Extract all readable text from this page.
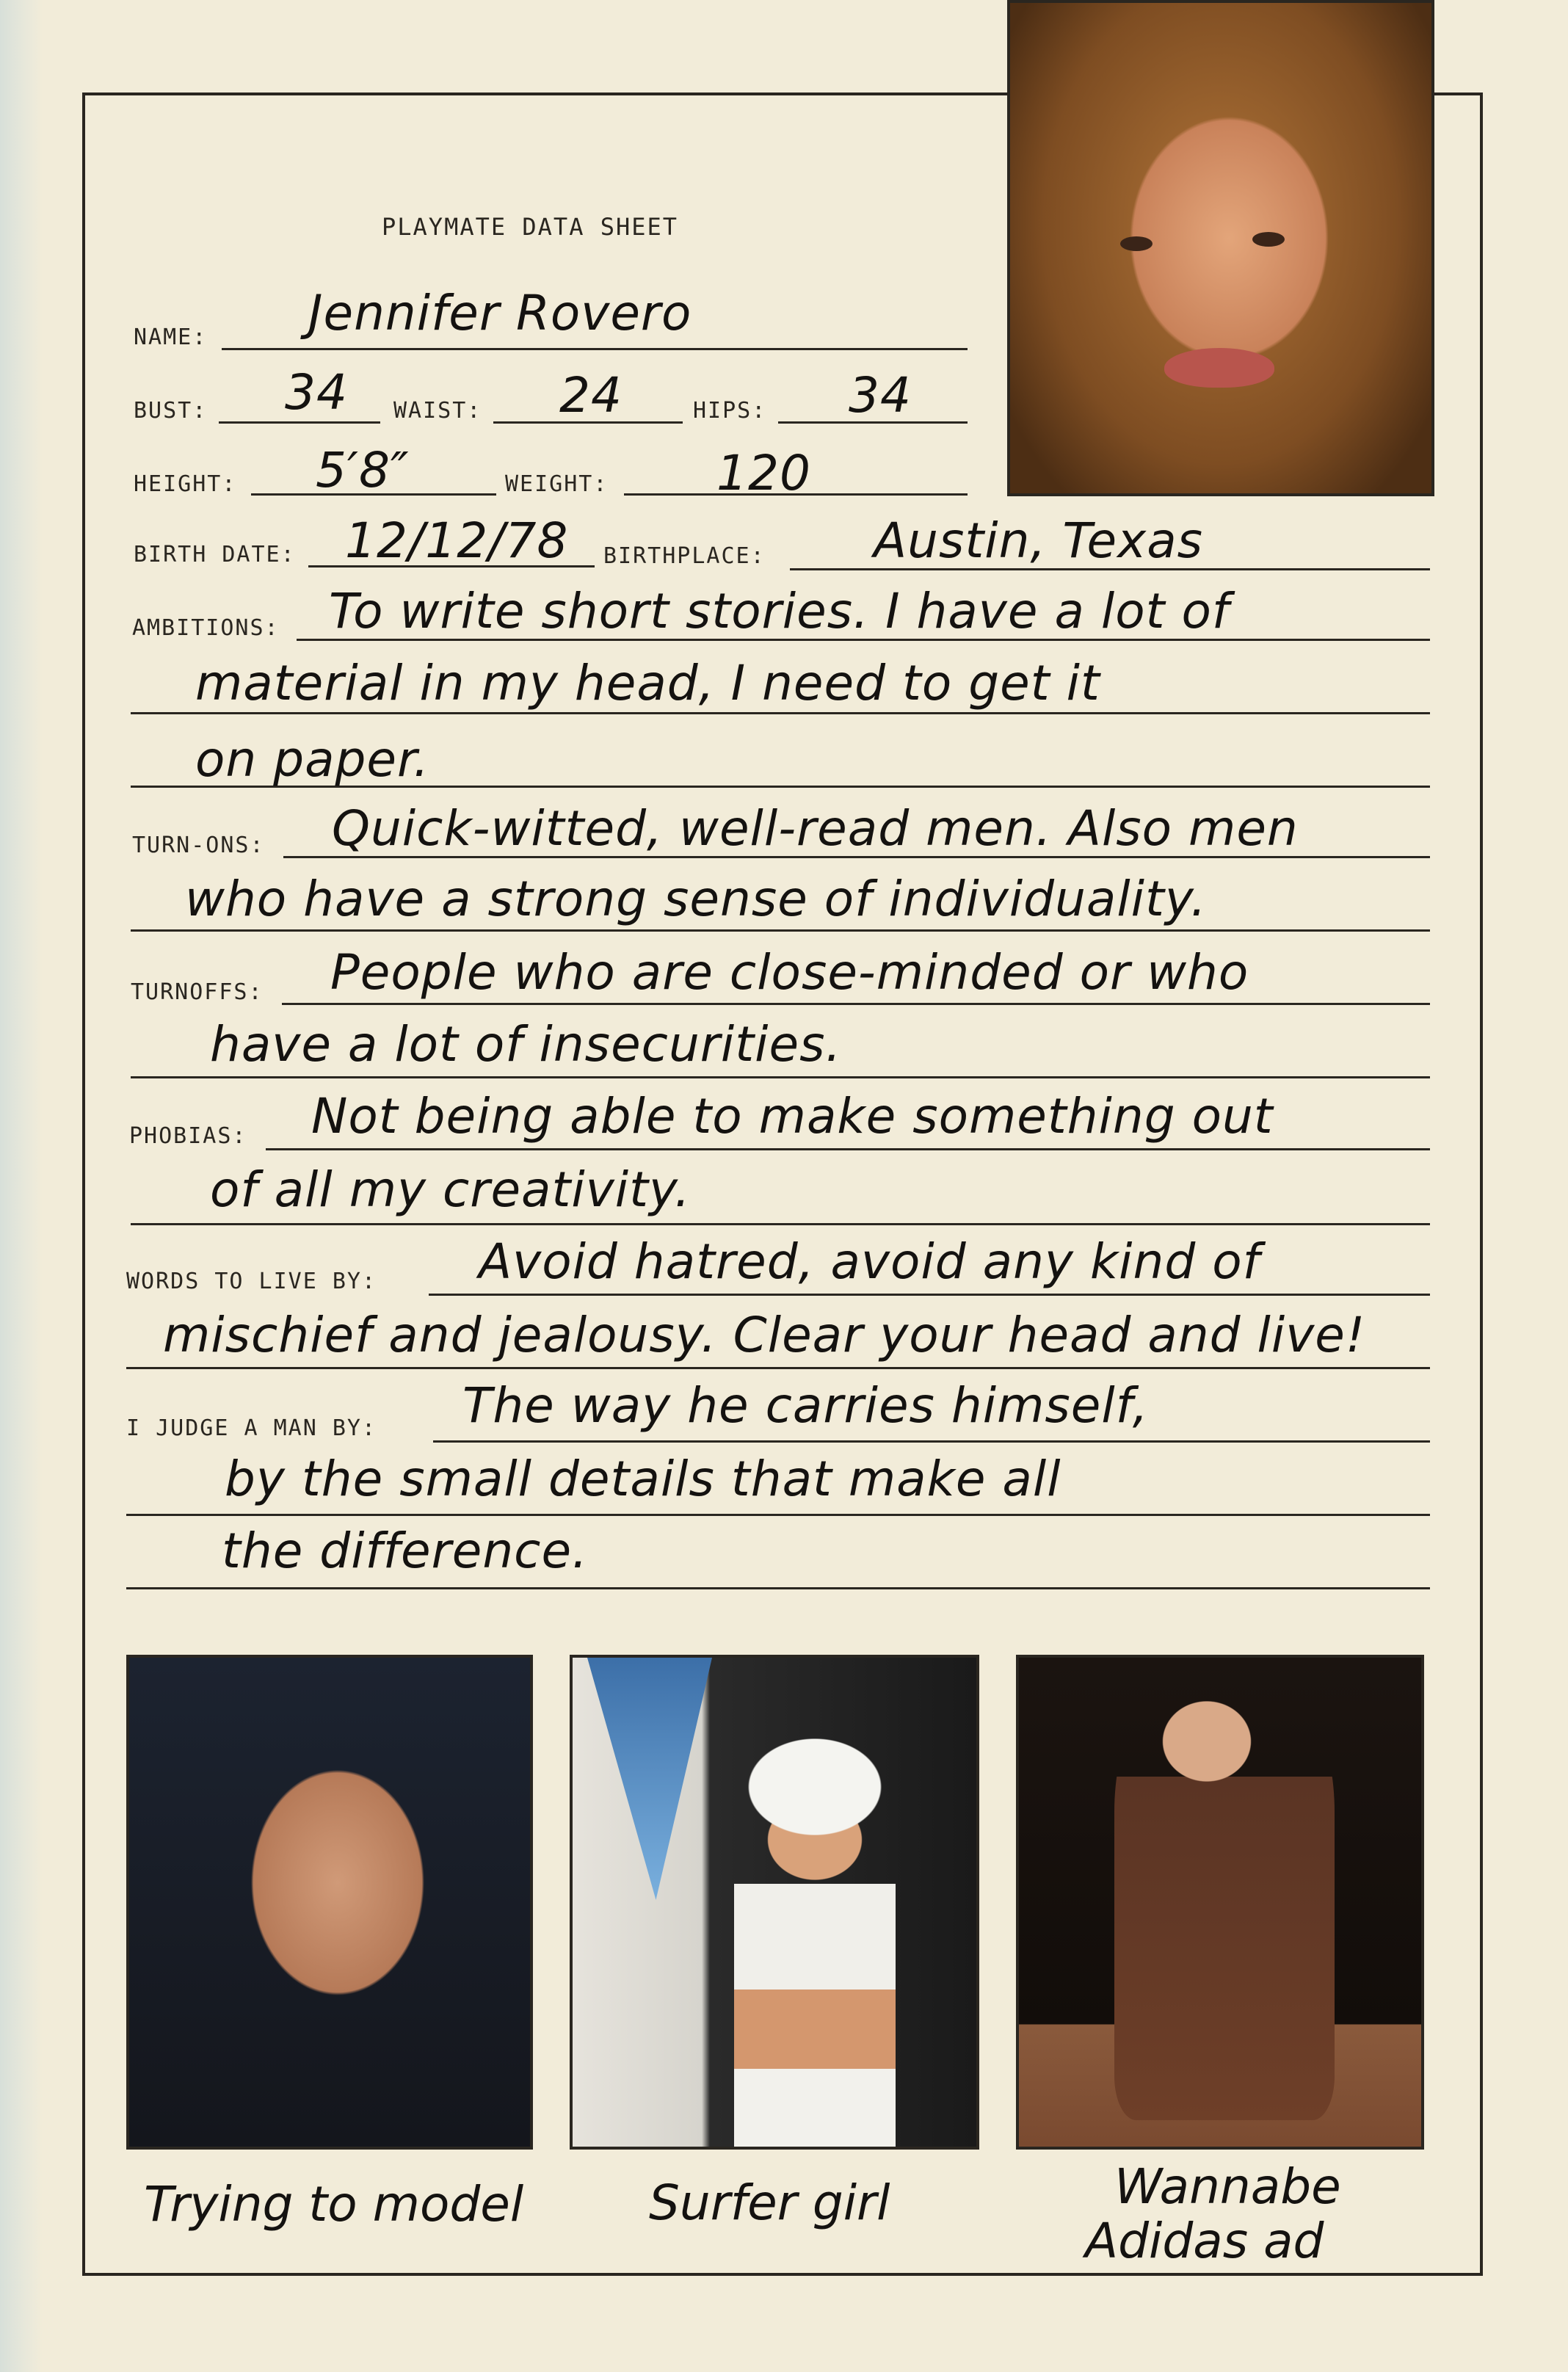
PLAYMATE DATA SHEET
NAME: Jennifer Rovero
BUST: 34 WAIST: 24	HIPS: 34
HEIGHT: 5′8″	WEIGHT: 120
BIRTH DATE: 12/12/78 BIRTHPLACE: Austin, Texas
AMBITIONS: To write short stories. I have a lot of
material in my head, I need to get it
on paper.
TURN-ONS: Quick-witted, well-read men. Also men
who have a strong sense of individuality.
TURNOFFS: People who are close-minded or who
have a lot of insecurities.
PHOBIAS: Not being able to make something out
of all my creativity.
WORDS TO LIVE BY: Avoid hatred, avoid any kind of
mischief and jealousy. Clear your head and live!
I JUDGE A MAN BY: The way he carries himself,
by the small details that make all
the difference.
Trying to model	Surfer girl	Wannabe
Adidas ad
